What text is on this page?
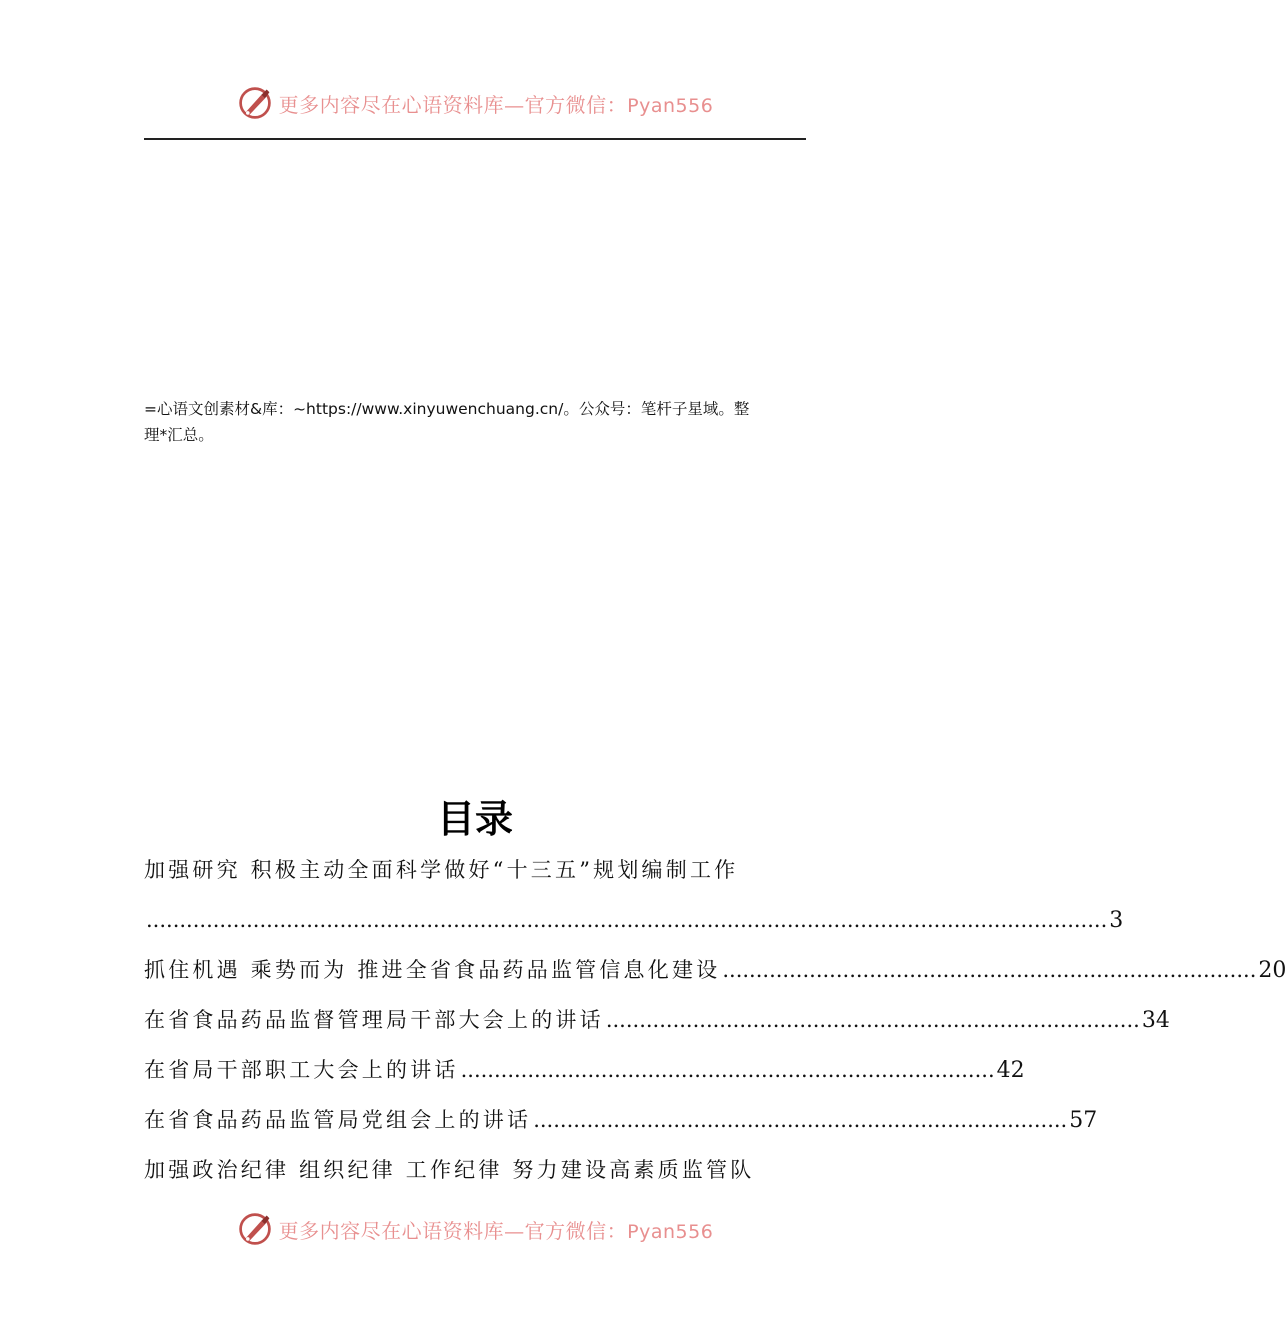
更多内容尽在心语资料库—官方微信：Pyan556
=心语文创素材&库：~https://www.xinyuwenchuang.cn/。公众号：笔杆子星域。整
理*汇总。
目录
加强研究 积极主动全面科学做好“十三五”规划编制工作
................................................................................................................................................ 3
抓住机遇 乘势而为 推进全省食品药品监管信息化建设 ................................................................................ 20
在省食品药品监督管理局干部大会上的讲话 ................................................................................ 34
在省局干部职工大会上的讲话 ................................................................................ 42
在省食品药品监管局党组会上的讲话 ................................................................................ 57
加强政治纪律 组织纪律 工作纪律 努力建设高素质监管队
更多内容尽在心语资料库—官方微信：Pyan556
